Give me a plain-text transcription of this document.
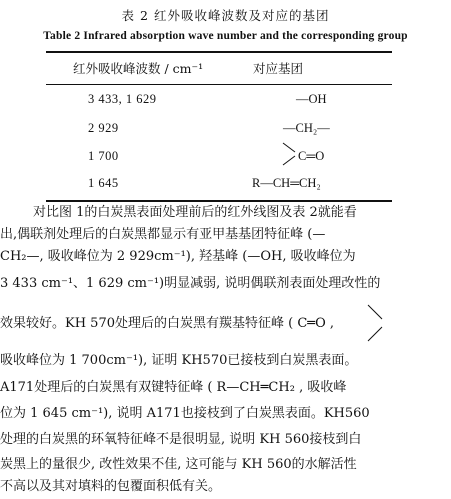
表 2 红外吸收峰波数及对应的基团
Table 2 Infrared absorption wave number and the corresponding group
红外吸收峰波数 / cm⁻¹	对应基团
3 433, 1 629
2 929
1 700
1 645
—OH
—CH₂—
C═O
R—CH═CH₂
对比图 1的白炭黑表面处理前后的红外线图及表 2就能看
出,偶联剂处理后的白炭黑都显示有亚甲基基团特征峰 (—
CH₂—, 吸收峰位为 2 929cm⁻¹), 羟基峰 (—OH, 吸收峰位为
3 433 cm⁻¹、1 629 cm⁻¹)明显减弱, 说明偶联剂表面处理改性的
效果较好。KH 570处理后的白炭黑有羰基特征峰 ( C═O ,
吸收峰位为 1 700cm⁻¹), 证明 KH570已接枝到白炭黑表面。
A171处理后的白炭黑有双键特征峰 ( R—CH═CH₂ , 吸收峰
位为 1 645 cm⁻¹), 说明 A171也接枝到了白炭黑表面。KH560
处理的白炭黑的环氧特征峰不是很明显, 说明 KH 560接枝到白
炭黑上的量很少, 改性效果不佳, 这可能与 KH 560的水解活性
不高以及其对填料的包覆面积低有关。
